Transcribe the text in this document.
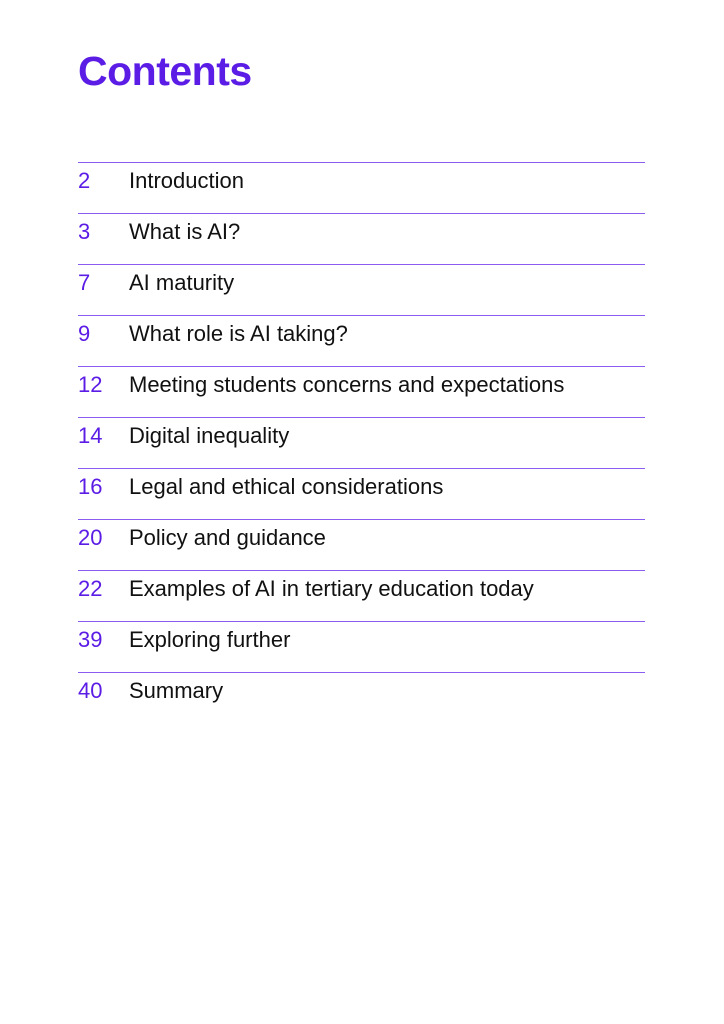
Contents
2 Introduction
3 What is AI?
7 AI maturity
9 What role is AI taking?
12 Meeting students concerns and expectations
14 Digital inequality
16 Legal and ethical considerations
20 Policy and guidance
22 Examples of AI in tertiary education today
39 Exploring further
40 Summary
